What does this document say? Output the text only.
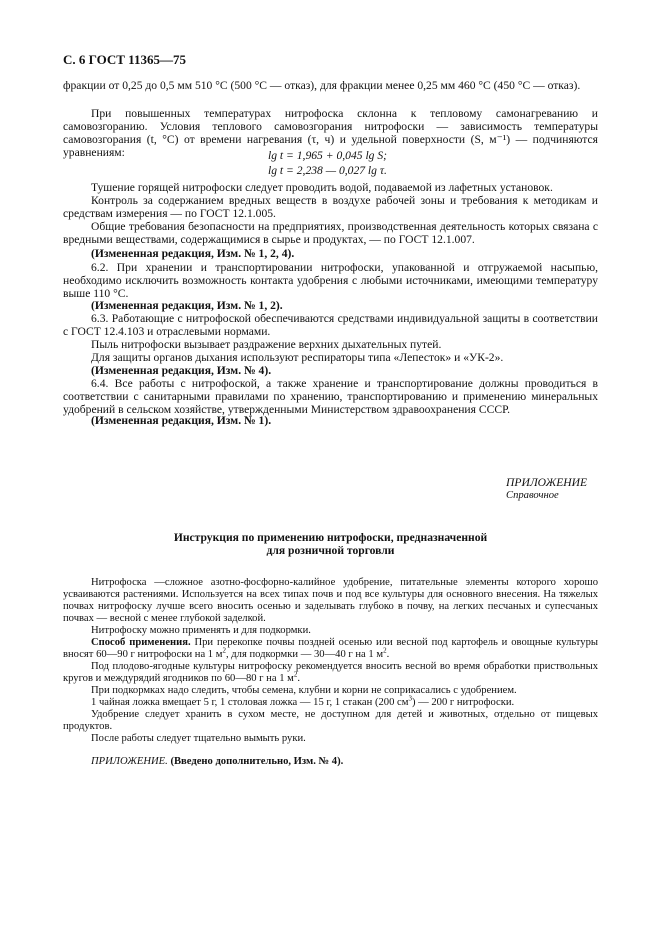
С. 6 ГОСТ 11365—75
фракции от 0,25 до 0,5 мм 510 °С (500 °С — отказ), для фракции менее 0,25 мм 460 °С (450 °С — отказ).
При повышенных температурах нитрофоска склонна к тепловому самонагреванию и самовозгоранию. Условия теплового самовозгорания нитрофоски — зависимость температуры самовозгорания (t, °С) от времени нагревания (τ, ч) и удельной поверхности (S, м⁻¹) — подчиняются уравнениям:	lg t = 1,965 + 0,045 lg S;
lg t = 2,238 — 0,027 lg τ.
Тушение горящей нитрофоски следует проводить водой, подаваемой из лафетных установок.
Контроль за содержанием вредных веществ в воздухе рабочей зоны и требования к методикам и средствам измерения — по ГОСТ 12.1.005.
Общие требования безопасности на предприятиях, производственная деятельность которых связана с вредными веществами, содержащимися в сырье и продуктах, — по ГОСТ 12.1.007.
(Измененная редакция, Изм. № 1, 2, 4).
6.2. При хранении и транспортировании нитрофоски, упакованной и отгружаемой насыпью, необходимо исключить возможность контакта удобрения с любыми источниками, имеющими температуру выше 110 °С.
(Измененная редакция, Изм. № 1, 2).
6.3. Работающие с нитрофоской обеспечиваются средствами индивидуальной защиты в соответствии с ГОСТ 12.4.103 и отраслевыми нормами.
Пыль нитрофоски вызывает раздражение верхних дыхательных путей.
Для защиты органов дыхания используют респираторы типа «Лепесток» и «УК-2».
(Измененная редакция, Изм. № 4).
6.4. Все работы с нитрофоской, а также хранение и транспортирование должны проводиться в соответствии с санитарными правилами по хранению, транспортированию и применению минеральных удобрений в сельском хозяйстве, утвержденными Министерством здравоохранения СССР.
(Измененная редакция, Изм. № 1).
ПРИЛОЖЕНИЕ
Справочное
Инструкция по применению нитрофоски, предназначенной
для розничной торговли
Нитрофоска —сложное азотно-фосфорно-калийное удобрение, питательные элементы которого хорошо усваиваются растениями. Используется на всех типах почв и под все культуры для основного внесения. На тяжелых почвах нитрофоску лучше всего вносить осенью и заделывать глубоко в почву, на легких песчаных и супесчаных почвах — весной с менее глубокой заделкой.
Нитрофоску можно применять и для подкормки.
Способ применения. При перекопке почвы поздней осенью или весной под картофель и овощные культуры вносят 60—90 г нитрофоски на 1 $м^2$, для подкормки — 30—40 г на 1 $м^2$.
Под плодово-ягодные культуры нитрофоску рекомендуется вносить весной во время обработки приствольных кругов и междурядий ягодников по 60—80 г на 1 $м^2$.
При подкормках надо следить, чтобы семена, клубни и корни не соприкасались с удобрением.
1 чайная ложка вмещает 5 г, 1 столовая ложка — 15 г, 1 стакан (200 $см^3$) — 200 г нитрофоски.
Удобрение следует хранить в сухом месте, не доступном для детей и животных, отдельно от пищевых продуктов.
После работы следует тщательно вымыть руки.
ПРИЛОЖЕНИЕ. (Введено дополнительно, Изм. № 4).
